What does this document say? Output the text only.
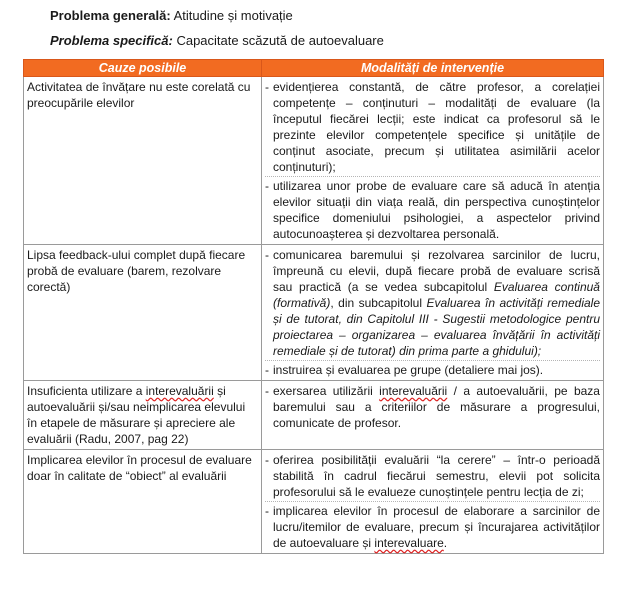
Problema generală: Atitudine și motivație
Problema specifică: Capacitate scăzută de autoevaluare
Cauze posibile	Modalități de intervenție
Activitatea de învățare nu este corelată cu preocupările elevilor	- evidențierea constantă, de către profesor, a corelației competențe – conținuturi – modalități de evaluare (la începutul fiecărei lecții; este indicat ca profesorul să le prezinte elevilor competențele specifice și unitățile de conținut asociate, precum și utilitatea asimilării acelor conținuturi);
- utilizarea unor probe de evaluare care să aducă în atenția elevilor situații din viața reală, din perspectiva cunoștințelor specifice domeniului psihologiei, a aspectelor privind autocunoașterea și dezvoltarea personală.

Lipsa feedback-ului complet după fiecare probă de evaluare (barem, rezolvare corectă)	- comunicarea baremului și rezolvarea sarcinilor de lucru, împreună cu elevii, după fiecare probă de evaluare scrisă sau practică (a se vedea subcapitolul Evaluarea continuă (formativă), din subcapitolul Evaluarea în activități remediale și de tutorat, din Capitolul III - Sugestii metodologice pentru proiectarea – organizarea – evaluarea învățării în activități remediale și de tutorat) din prima parte a ghidului);
- instruirea și evaluarea pe grupe (detaliere mai jos).

Insuficienta utilizare a interevaluării și autoevaluării și/sau neimplicarea elevului în etapele de măsurare și apreciere ale evaluării (Radu, 2007, pag 22)	- exersarea utilizării interevaluării / a autoevaluării, pe baza baremului sau a criteriilor de măsurare a progresului, comunicate de profesor.

Implicarea elevilor în procesul de evaluare doar în calitate de “obiect” al evaluării	- oferirea posibilității evaluării “la cerere” – într-o perioadă stabilită în cadrul fiecărui semestru, elevii pot solicita profesorului să le evalueze cunoștințele pentru lecția de zi;
- implicarea elevilor în procesul de elaborare a sarcinilor de lucru/itemilor de evaluare, precum și încurajarea activităților de autoevaluare și interevaluare.
